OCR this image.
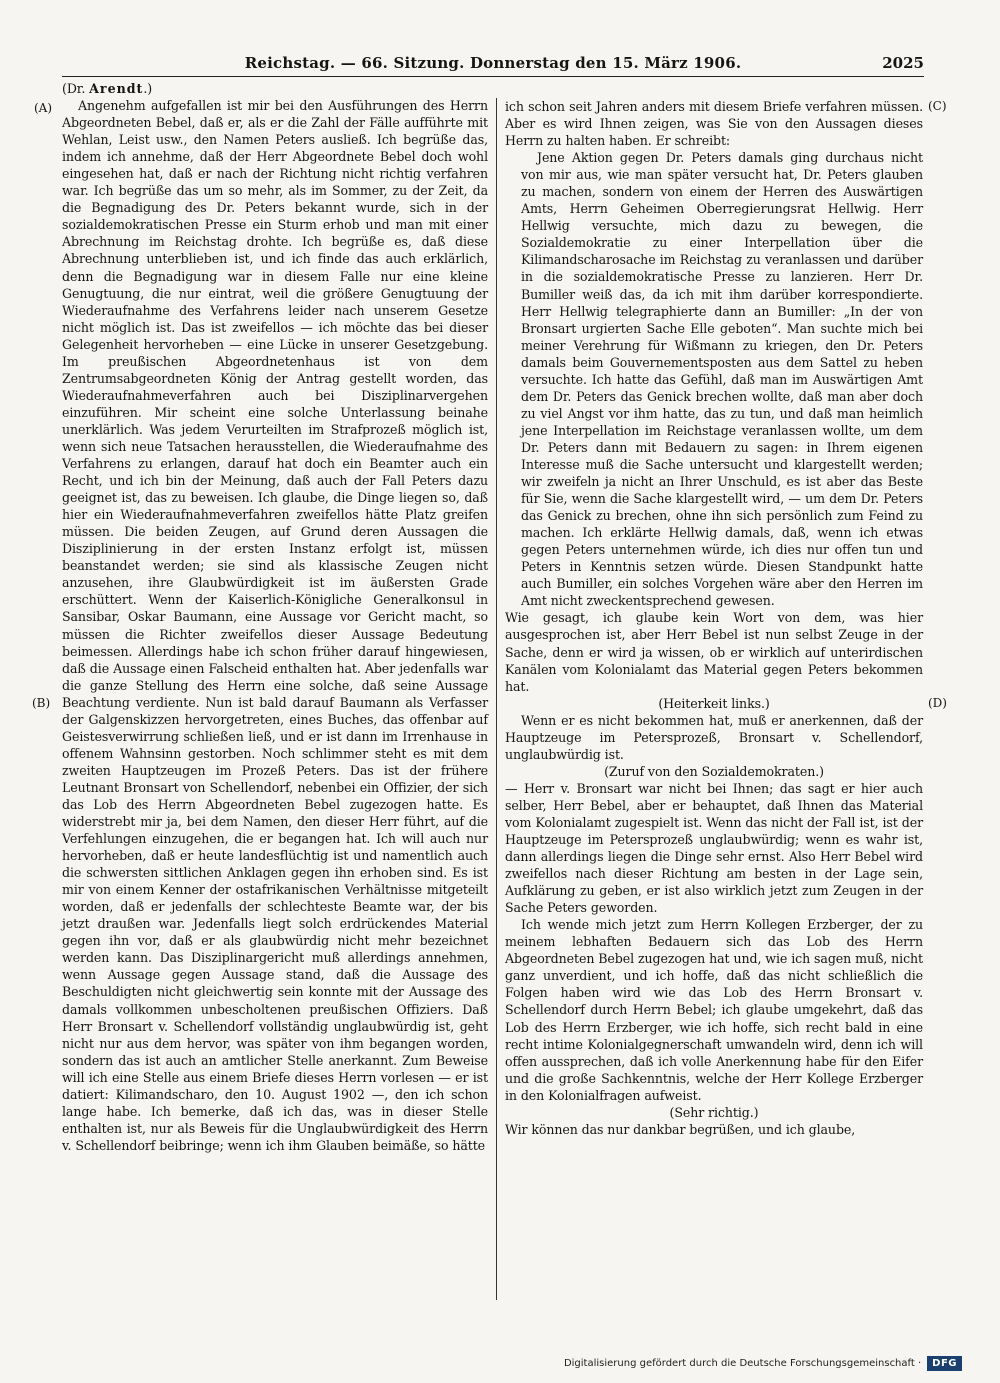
Reichstag. — 66. Sitzung. Donnerstag den 15. März 1906.	2025
(A)
(B)
(C)
(D)

(Dr. Arendt.)

Angenehm aufgefallen ist mir bei den Ausführungen des Herrn Abgeordneten Bebel, daß er, als er die Zahl der Fälle aufführte mit Wehlan, Leist usw., den Namen Peters ausließ. Ich begrüße das, indem ich annehme, daß der Herr Abgeordnete Bebel doch wohl eingesehen hat, daß er nach der Richtung nicht richtig verfahren war. Ich begrüße das um so mehr, als im Sommer, zu der Zeit, da die Begnadigung des Dr. Peters bekannt wurde, sich in der sozialdemokratischen Presse ein Sturm erhob und man mit einer Abrechnung im Reichstag drohte. Ich begrüße es, daß diese Abrechnung unterblieben ist, und ich finde das auch erklärlich, denn die Begnadigung war in diesem Falle nur eine kleine Genugtuung, die nur eintrat, weil die größere Genugtuung der Wiederaufnahme des Verfahrens leider nach unserem Gesetze nicht möglich ist. Das ist zweifellos — ich möchte das bei dieser Gelegenheit hervorheben — eine Lücke in unserer Gesetzgebung. Im preußischen Abgeordnetenhaus ist von dem Zentrumsabgeordneten König der Antrag gestellt worden, das Wiederaufnahmeverfahren auch bei Disziplinarvergehen einzuführen. Mir scheint eine solche Unterlassung beinahe unerklärlich. Was jedem Verurteilten im Strafprozeß möglich ist, wenn sich neue Tatsachen herausstellen, die Wiederaufnahme des Verfahrens zu erlangen, darauf hat doch ein Beamter auch ein Recht, und ich bin der Meinung, daß auch der Fall Peters dazu geeignet ist, das zu beweisen. Ich glaube, die Dinge liegen so, daß hier ein Wiederaufnahmeverfahren zweifellos hätte Platz greifen müssen. Die beiden Zeugen, auf Grund deren Aussagen die Disziplinierung in der ersten Instanz erfolgt ist, müssen beanstandet werden; sie sind als klassische Zeugen nicht anzusehen, ihre Glaubwürdigkeit ist im äußersten Grade erschüttert. Wenn der Kaiserlich-Königliche Generalkonsul in Sansibar, Oskar Baumann, eine Aussage vor Gericht macht, so müssen die Richter zweifellos dieser Aussage Bedeutung beimessen. Allerdings habe ich schon früher darauf hingewiesen, daß die Aussage einen Falscheid enthalten hat. Aber jedenfalls war die ganze Stellung des Herrn eine solche, daß seine Aussage Beachtung verdiente. Nun ist bald darauf Baumann als Verfasser der Galgenskizzen hervorgetreten, eines Buches, das offenbar auf Geistesverwirrung schließen ließ, und er ist dann im Irrenhause in offenem Wahnsinn gestorben. Noch schlimmer steht es mit dem zweiten Hauptzeugen im Prozeß Peters. Das ist der frühere Leutnant Bronsart von Schellendorf, nebenbei ein Offizier, der sich das Lob des Herrn Abgeordneten Bebel zugezogen hatte. Es widerstrebt mir ja, bei dem Namen, den dieser Herr führt, auf die Verfehlungen einzugehen, die er begangen hat. Ich will auch nur hervorheben, daß er heute landesflüchtig ist und namentlich auch die schwersten sittlichen Anklagen gegen ihn erhoben sind. Es ist mir von einem Kenner der ostafrikanischen Verhältnisse mitgeteilt worden, daß er jedenfalls der schlechteste Beamte war, der bis jetzt draußen war. Jedenfalls liegt solch erdrückendes Material gegen ihn vor, daß er als glaubwürdig nicht mehr bezeichnet werden kann. Das Disziplinargericht muß allerdings annehmen, wenn Aussage gegen Aussage stand, daß die Aussage des Beschuldigten nicht gleichwertig sein konnte mit der Aussage des damals vollkommen unbescholtenen preußischen Offiziers. Daß Herr Bronsart v. Schellendorf vollständig unglaubwürdig ist, geht nicht nur aus dem hervor, was später von ihm begangen worden, sondern das ist auch an amtlicher Stelle anerkannt. Zum Beweise will ich eine Stelle aus einem Briefe dieses Herrn vorlesen — er ist datiert: Kilimandscharo, den 10. August 1902 —, den ich schon lange habe. Ich bemerke, daß ich das, was in dieser Stelle enthalten ist, nur als Beweis für die Unglaubwürdigkeit des Herrn v. Schellendorf beibringe; wenn ich ihm Glauben beimäße, so hätte

ich schon seit Jahren anders mit diesem Briefe verfahren müssen. Aber es wird Ihnen zeigen, was Sie von den Aussagen dieses Herrn zu halten haben. Er schreibt:

Jene Aktion gegen Dr. Peters damals ging durchaus nicht von mir aus, wie man später versucht hat, Dr. Peters glauben zu machen, sondern von einem der Herren des Auswärtigen Amts, Herrn Geheimen Oberregierungsrat Hellwig. Herr Hellwig versuchte, mich dazu zu bewegen, die Sozialdemokratie zu einer Interpellation über die Kilimandscharosache im Reichstag zu veranlassen und darüber in die sozialdemokratische Presse zu lanzieren. Herr Dr. Bumiller weiß das, da ich mit ihm darüber korrespondierte. Herr Hellwig telegraphierte dann an Bumiller: „In der von Bronsart urgierten Sache Elle geboten“. Man suchte mich bei meiner Verehrung für Wißmann zu kriegen, den Dr. Peters damals beim Gouvernementsposten aus dem Sattel zu heben versuchte. Ich hatte das Gefühl, daß man im Auswärtigen Amt dem Dr. Peters das Genick brechen wollte, daß man aber doch zu viel Angst vor ihm hatte, das zu tun, und daß man heimlich jene Interpellation im Reichstage veranlassen wollte, um dem Dr. Peters dann mit Bedauern zu sagen: in Ihrem eigenen Interesse muß die Sache untersucht und klargestellt werden; wir zweifeln ja nicht an Ihrer Unschuld, es ist aber das Beste für Sie, wenn die Sache klargestellt wird, — um dem Dr. Peters das Genick zu brechen, ohne ihn sich persönlich zum Feind zu machen. Ich erklärte Hellwig damals, daß, wenn ich etwas gegen Peters unternehmen würde, ich dies nur offen tun und Peters in Kenntnis setzen würde. Diesen Standpunkt hatte auch Bumiller, ein solches Vorgehen wäre aber den Herren im Amt nicht zweckentsprechend gewesen.

Wie gesagt, ich glaube kein Wort von dem, was hier ausgesprochen ist, aber Herr Bebel ist nun selbst Zeuge in der Sache, denn er wird ja wissen, ob er wirklich auf unterirdischen Kanälen vom Kolonialamt das Material gegen Peters bekommen hat.

(Heiterkeit links.)

Wenn er es nicht bekommen hat, muß er anerkennen, daß der Hauptzeuge im Petersprozeß, Bronsart v. Schellendorf, unglaubwürdig ist.

(Zuruf von den Sozialdemokraten.)

— Herr v. Bronsart war nicht bei Ihnen; das sagt er hier auch selber, Herr Bebel, aber er behauptet, daß Ihnen das Material vom Kolonialamt zugespielt ist. Wenn das nicht der Fall ist, ist der Hauptzeuge im Petersprozeß unglaubwürdig; wenn es wahr ist, dann allerdings liegen die Dinge sehr ernst. Also Herr Bebel wird zweifellos nach dieser Richtung am besten in der Lage sein, Aufklärung zu geben, er ist also wirklich jetzt zum Zeugen in der Sache Peters geworden.

Ich wende mich jetzt zum Herrn Kollegen Erzberger, der zu meinem lebhaften Bedauern sich das Lob des Herrn Abgeordneten Bebel zugezogen hat und, wie ich sagen muß, nicht ganz unverdient, und ich hoffe, daß das nicht schließlich die Folgen haben wird wie das Lob des Herrn Bronsart v. Schellendorf durch Herrn Bebel; ich glaube umgekehrt, daß das Lob des Herrn Erzberger, wie ich hoffe, sich recht bald in eine recht intime Kolonialgegnerschaft umwandeln wird, denn ich will offen aussprechen, daß ich volle Anerkennung habe für den Eifer und die große Sachkenntnis, welche der Herr Kollege Erzberger in den Kolonialfragen aufweist.

(Sehr richtig.)

Wir können das nur dankbar begrüßen, und ich glaube,

Digitalisierung gefördert durch die Deutsche Forschungsgemeinschaft ·	DFG
